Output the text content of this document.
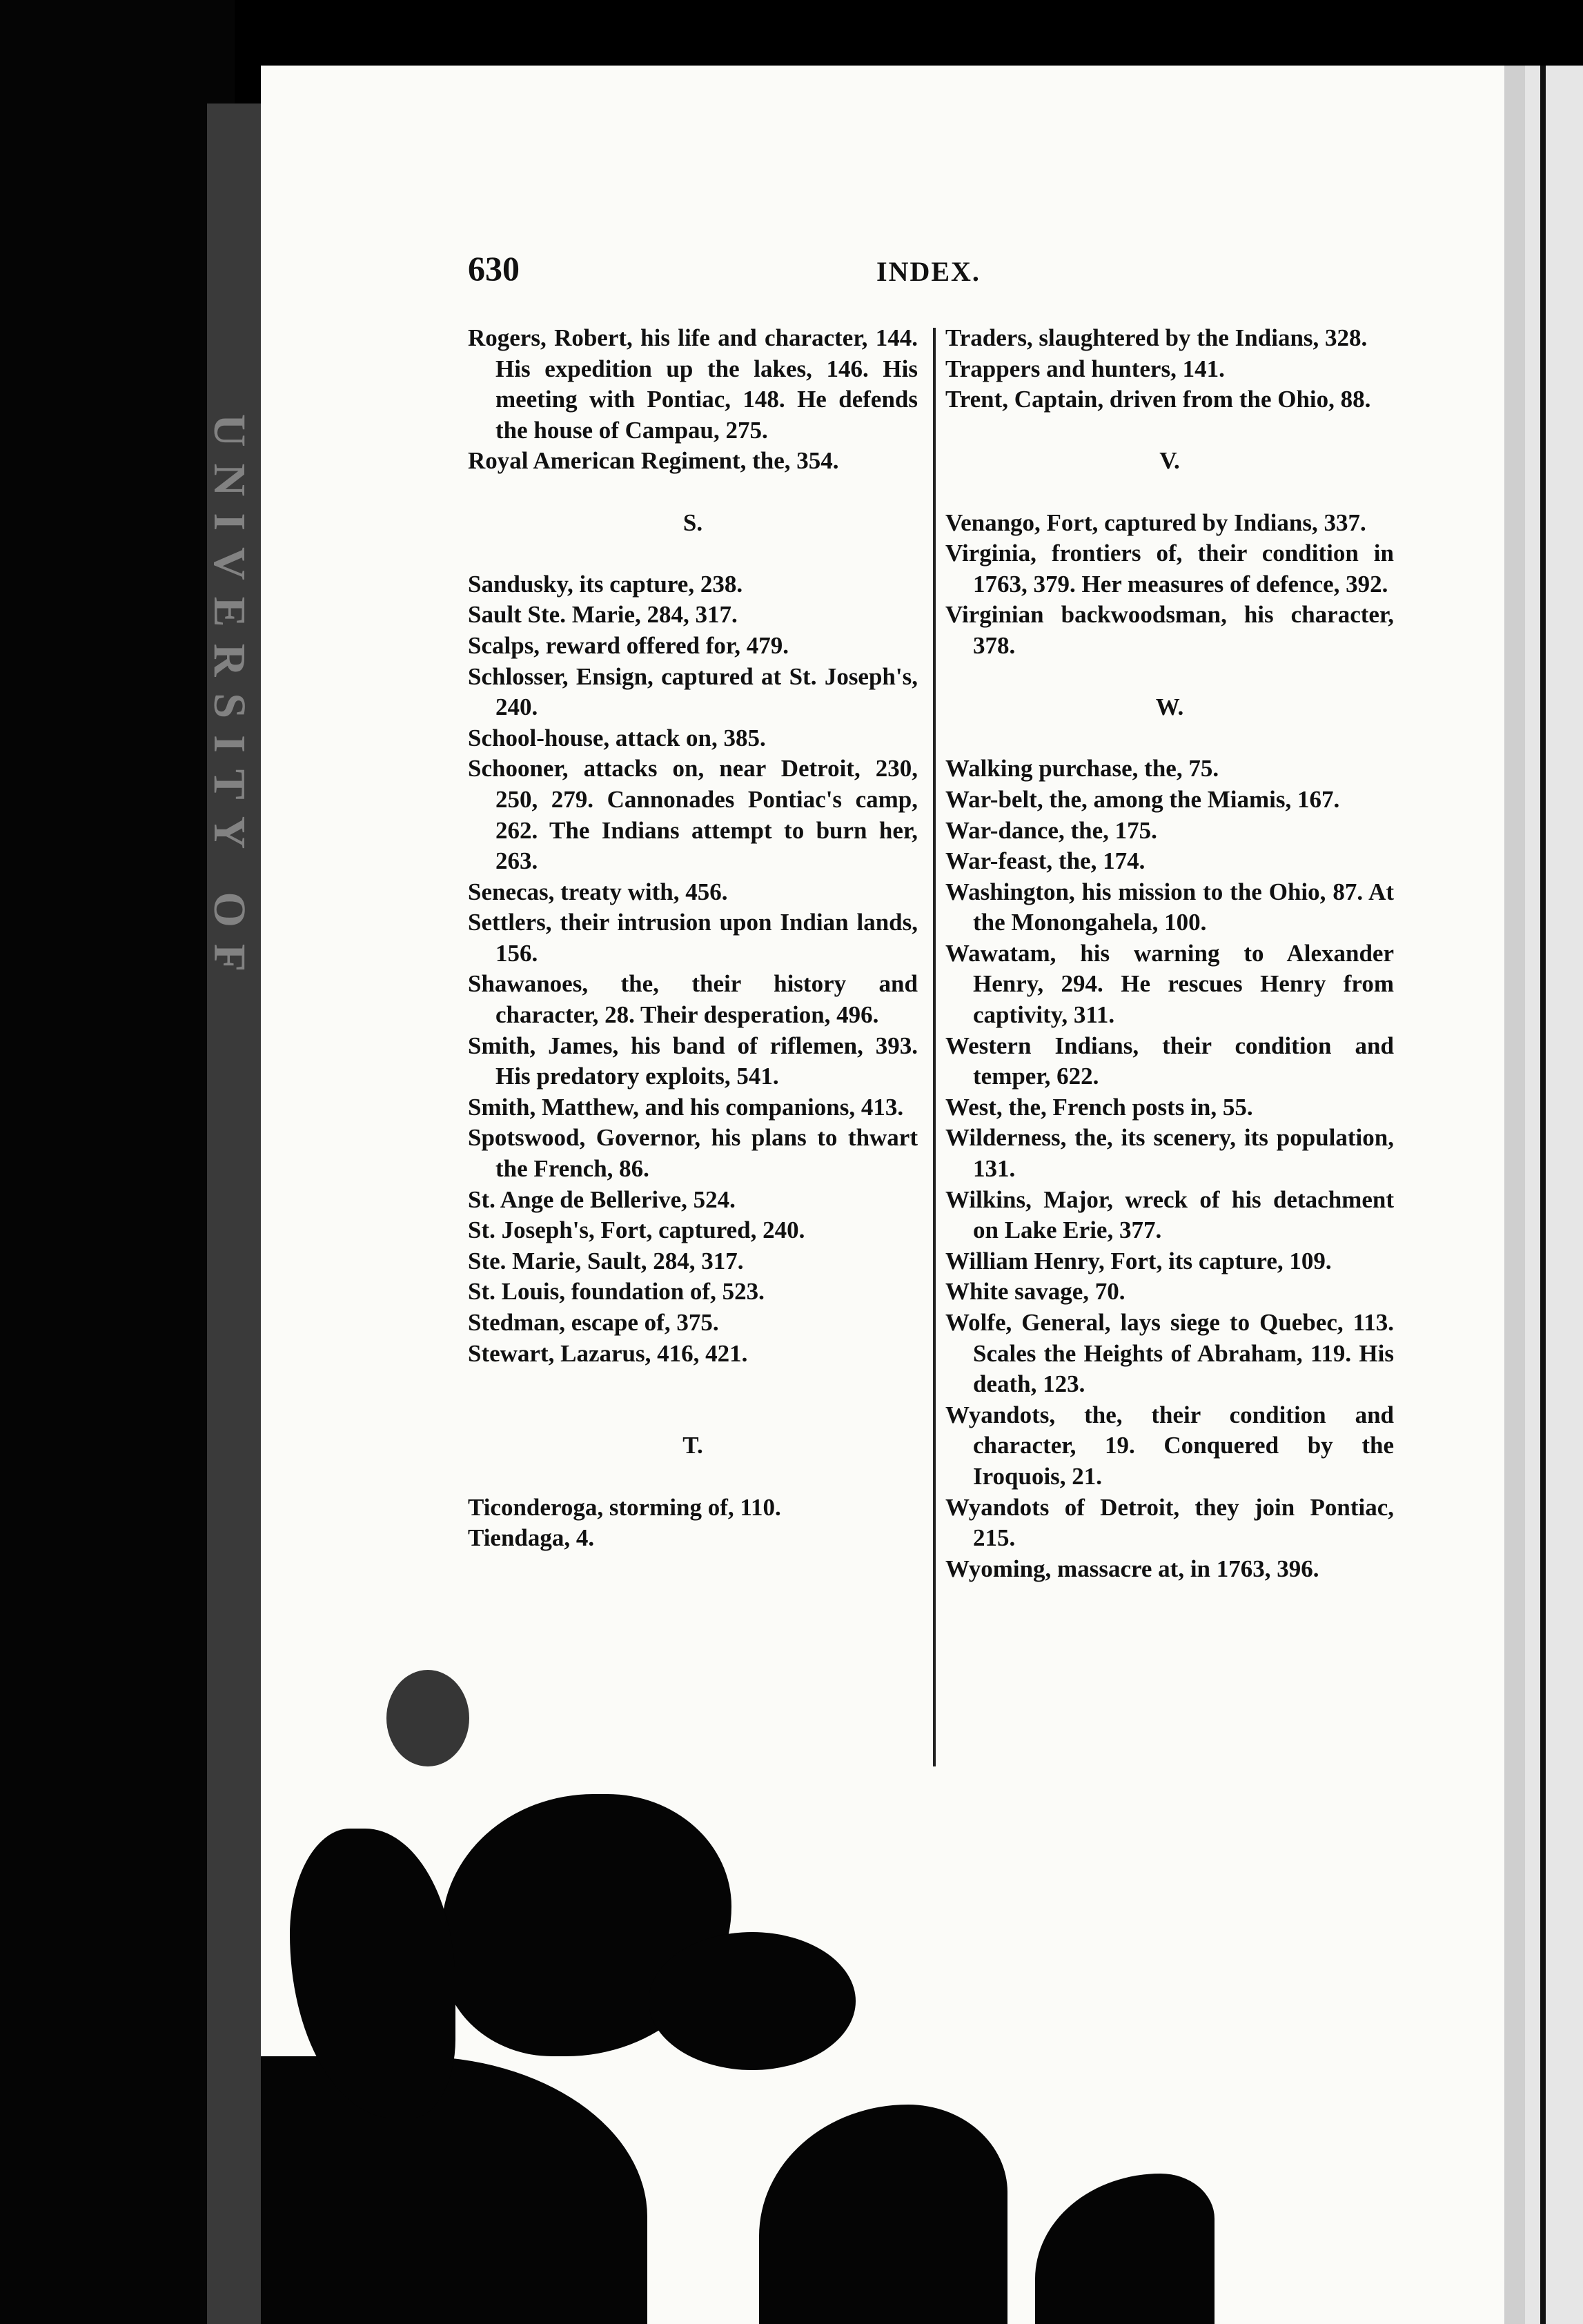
UNIVERSITY OF
630	INDEX.
Rogers, Robert, his life and character, 144. His expedition up the lakes, 146. His meeting with Pontiac, 148. He defends the house of Campau, 275.
Royal American Regiment, the, 354.
S.
Sandusky, its capture, 238.
Sault Ste. Marie, 284, 317.
Scalps, reward offered for, 479.
Schlosser, Ensign, captured at St. Joseph's, 240.
School-house, attack on, 385.
Schooner, attacks on, near Detroit, 230, 250, 279. Cannonades Pontiac's camp, 262. The Indians attempt to burn her, 263.
Senecas, treaty with, 456.
Settlers, their intrusion upon Indian lands, 156.
Shawanoes, the, their history and character, 28. Their desperation, 496.
Smith, James, his band of riflemen, 393. His predatory exploits, 541.
Smith, Matthew, and his companions, 413.
Spotswood, Governor, his plans to thwart the French, 86.
St. Ange de Bellerive, 524.
St. Joseph's, Fort, captured, 240.
Ste. Marie, Sault, 284, 317.
St. Louis, foundation of, 523.
Stedman, escape of, 375.
Stewart, Lazarus, 416, 421.
T.
Ticonderoga, storming of, 110.
Tiendaga, 4.
Traders, slaughtered by the Indians, 328.
Trappers and hunters, 141.
Trent, Captain, driven from the Ohio, 88.
V.
Venango, Fort, captured by Indians, 337.
Virginia, frontiers of, their condition in 1763, 379. Her measures of defence, 392.
Virginian backwoodsman, his character, 378.
W.
Walking purchase, the, 75.
War-belt, the, among the Miamis, 167.
War-dance, the, 175.
War-feast, the, 174.
Washington, his mission to the Ohio, 87. At the Monongahela, 100.
Wawatam, his warning to Alexander Henry, 294. He rescues Henry from captivity, 311.
Western Indians, their condition and temper, 622.
West, the, French posts in, 55.
Wilderness, the, its scenery, its population, 131.
Wilkins, Major, wreck of his detachment on Lake Erie, 377.
William Henry, Fort, its capture, 109.
White savage, 70.
Wolfe, General, lays siege to Quebec, 113. Scales the Heights of Abraham, 119. His death, 123.
Wyandots, the, their condition and character, 19. Conquered by the Iroquois, 21.
Wyandots of Detroit, they join Pontiac, 215.
Wyoming, massacre at, in 1763, 396.
